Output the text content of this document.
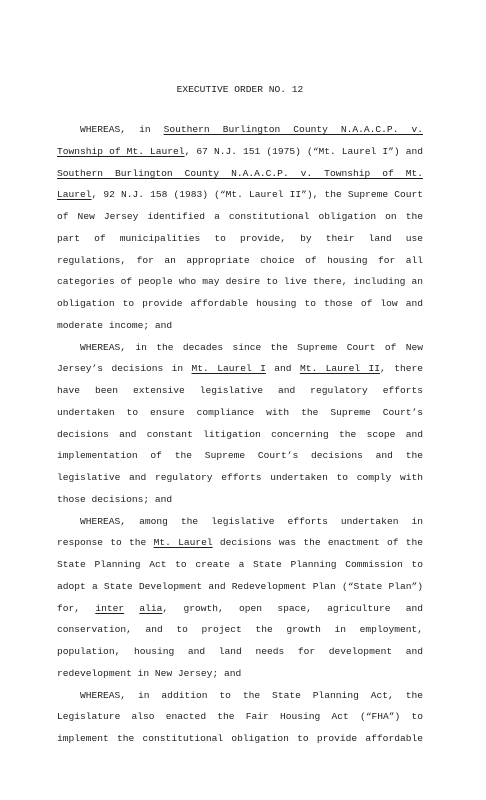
EXECUTIVE ORDER NO. 12
WHEREAS, in Southern Burlington County N.A.A.C.P. v.
Township of Mt. Laurel, 67 N.J. 151 (1975) (“Mt. Laurel I”) and
Southern Burlington County N.A.A.C.P. v. Township of Mt.
Laurel, 92 N.J. 158 (1983) (“Mt. Laurel II”), the Supreme Court
of New Jersey identified a constitutional obligation on the
part of municipalities to provide, by their land use
regulations, for an appropriate choice of housing for all
categories of people who may desire to live there, including an
obligation to provide affordable housing to those of low and
moderate income; and
WHEREAS, in the decades since the Supreme Court of New
Jersey’s decisions in Mt. Laurel I and Mt. Laurel II, there
have been extensive legislative and regulatory efforts
undertaken to ensure compliance with the Supreme Court’s
decisions and constant litigation concerning the scope and
implementation of the Supreme Court’s decisions and the
legislative and regulatory efforts undertaken to comply with
those decisions; and
WHEREAS, among the legislative efforts undertaken in
response to the Mt. Laurel decisions was the enactment of the
State Planning Act to create a State Planning Commission to
adopt a State Development and Redevelopment Plan (“State Plan”)
for, inter alia, growth, open space, agriculture and
conservation, and to project the growth in employment,
population, housing and land needs for development and
redevelopment in New Jersey; and
WHEREAS, in addition to the State Planning Act, the
Legislature also enacted the Fair Housing Act (“FHA”) to
implement the constitutional obligation to provide affordable
